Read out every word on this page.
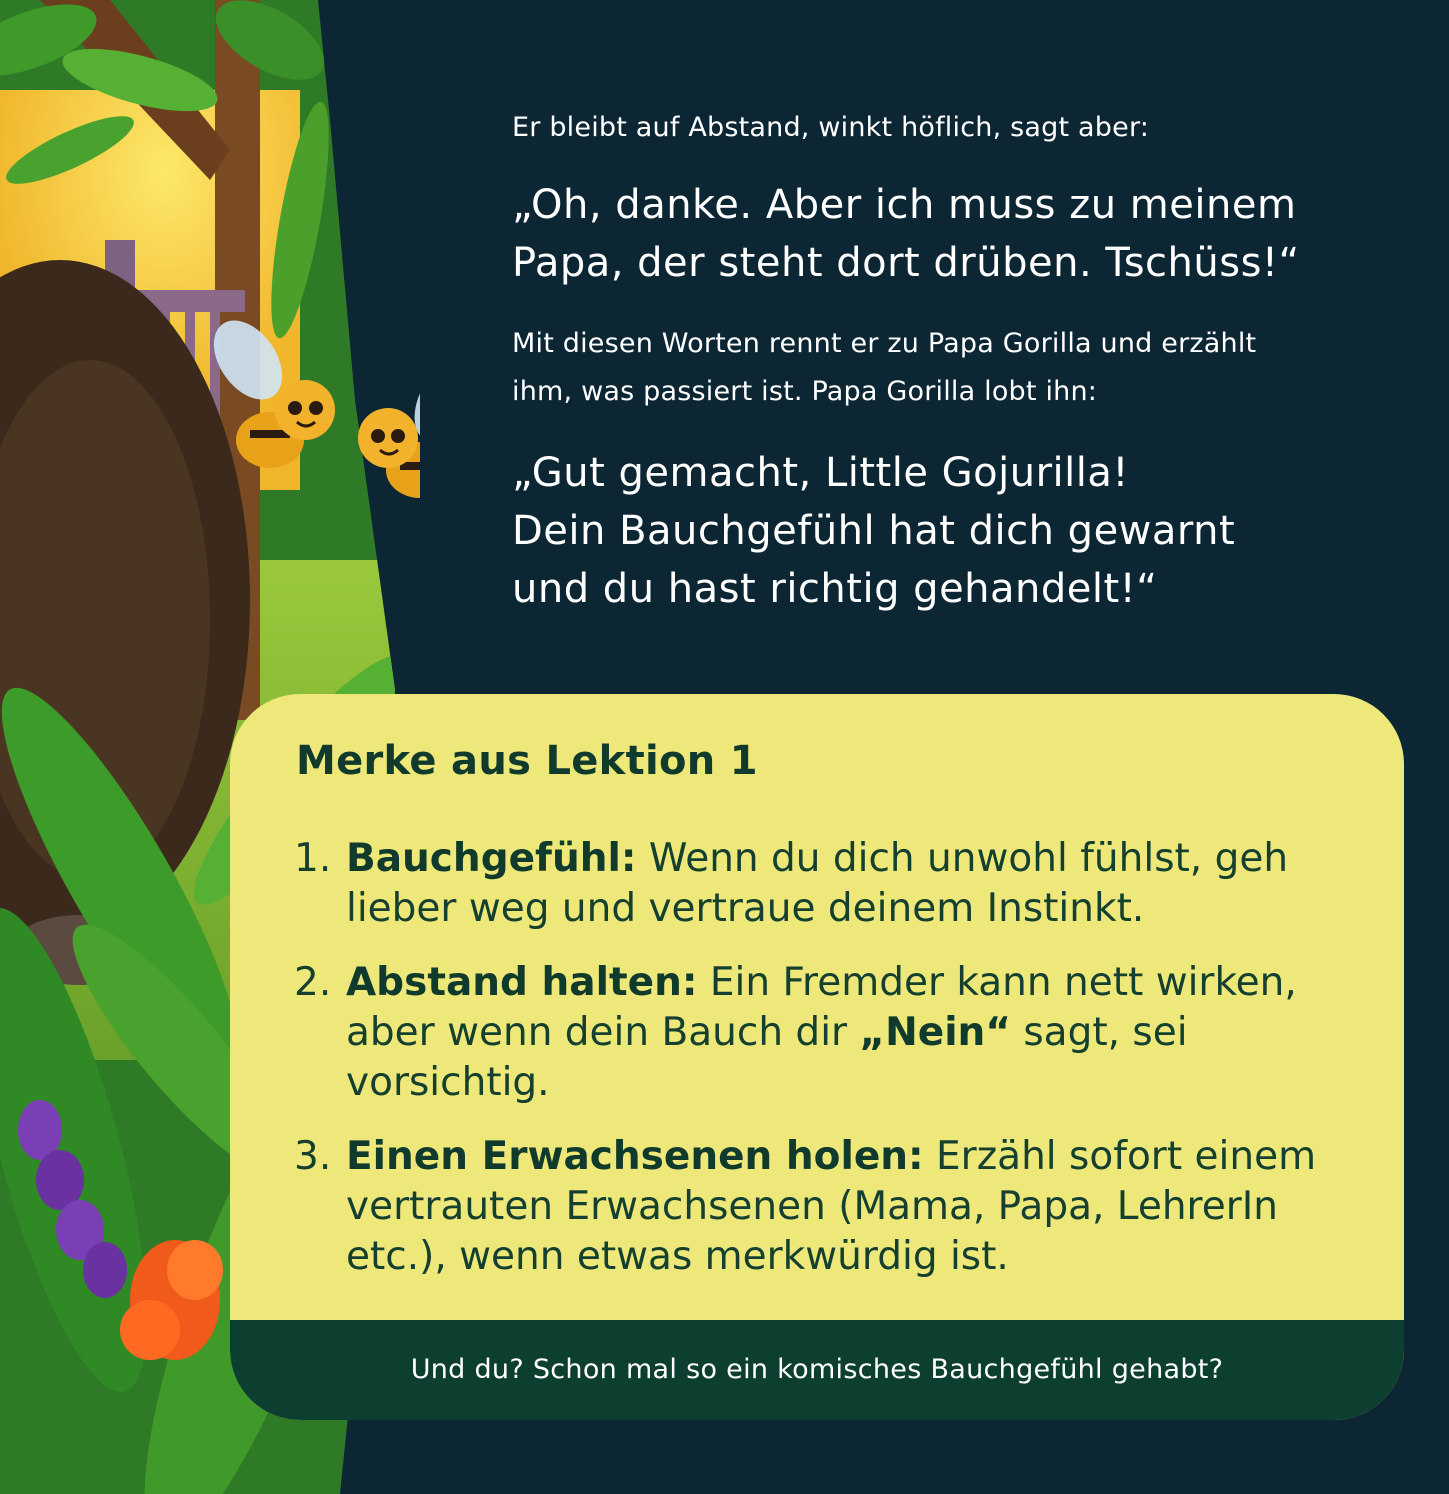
Er bleibt auf Abstand, winkt höflich, sagt aber:

„Oh, danke. Aber ich muss zu meinem
Papa, der steht dort drüben. Tschüss!“
Mit diesen Worten rennt er zu Papa Gorilla und erzählt
ihm, was passiert ist. Papa Gorilla lobt ihn:
„Gut gemacht, Little Gojurilla!
Dein Bauchgefühl hat dich gewarnt
und du hast richtig gehandelt!“
Merke aus Lektion 1
1. Bauchgefühl: Wenn du dich unwohl fühlst, geh lieber weg und vertraue deinem Instinkt.
2. Abstand halten: Ein Fremder kann nett wirken, aber wenn dein Bauch dir „Nein“ sagt, sei vorsichtig.
3. Einen Erwachsenen holen: Erzähl sofort einem vertrauten Erwachsenen (Mama, Papa, LehrerIn etc.), wenn etwas merkwürdig ist.
Und du? Schon mal so ein komisches Bauchgefühl gehabt?
